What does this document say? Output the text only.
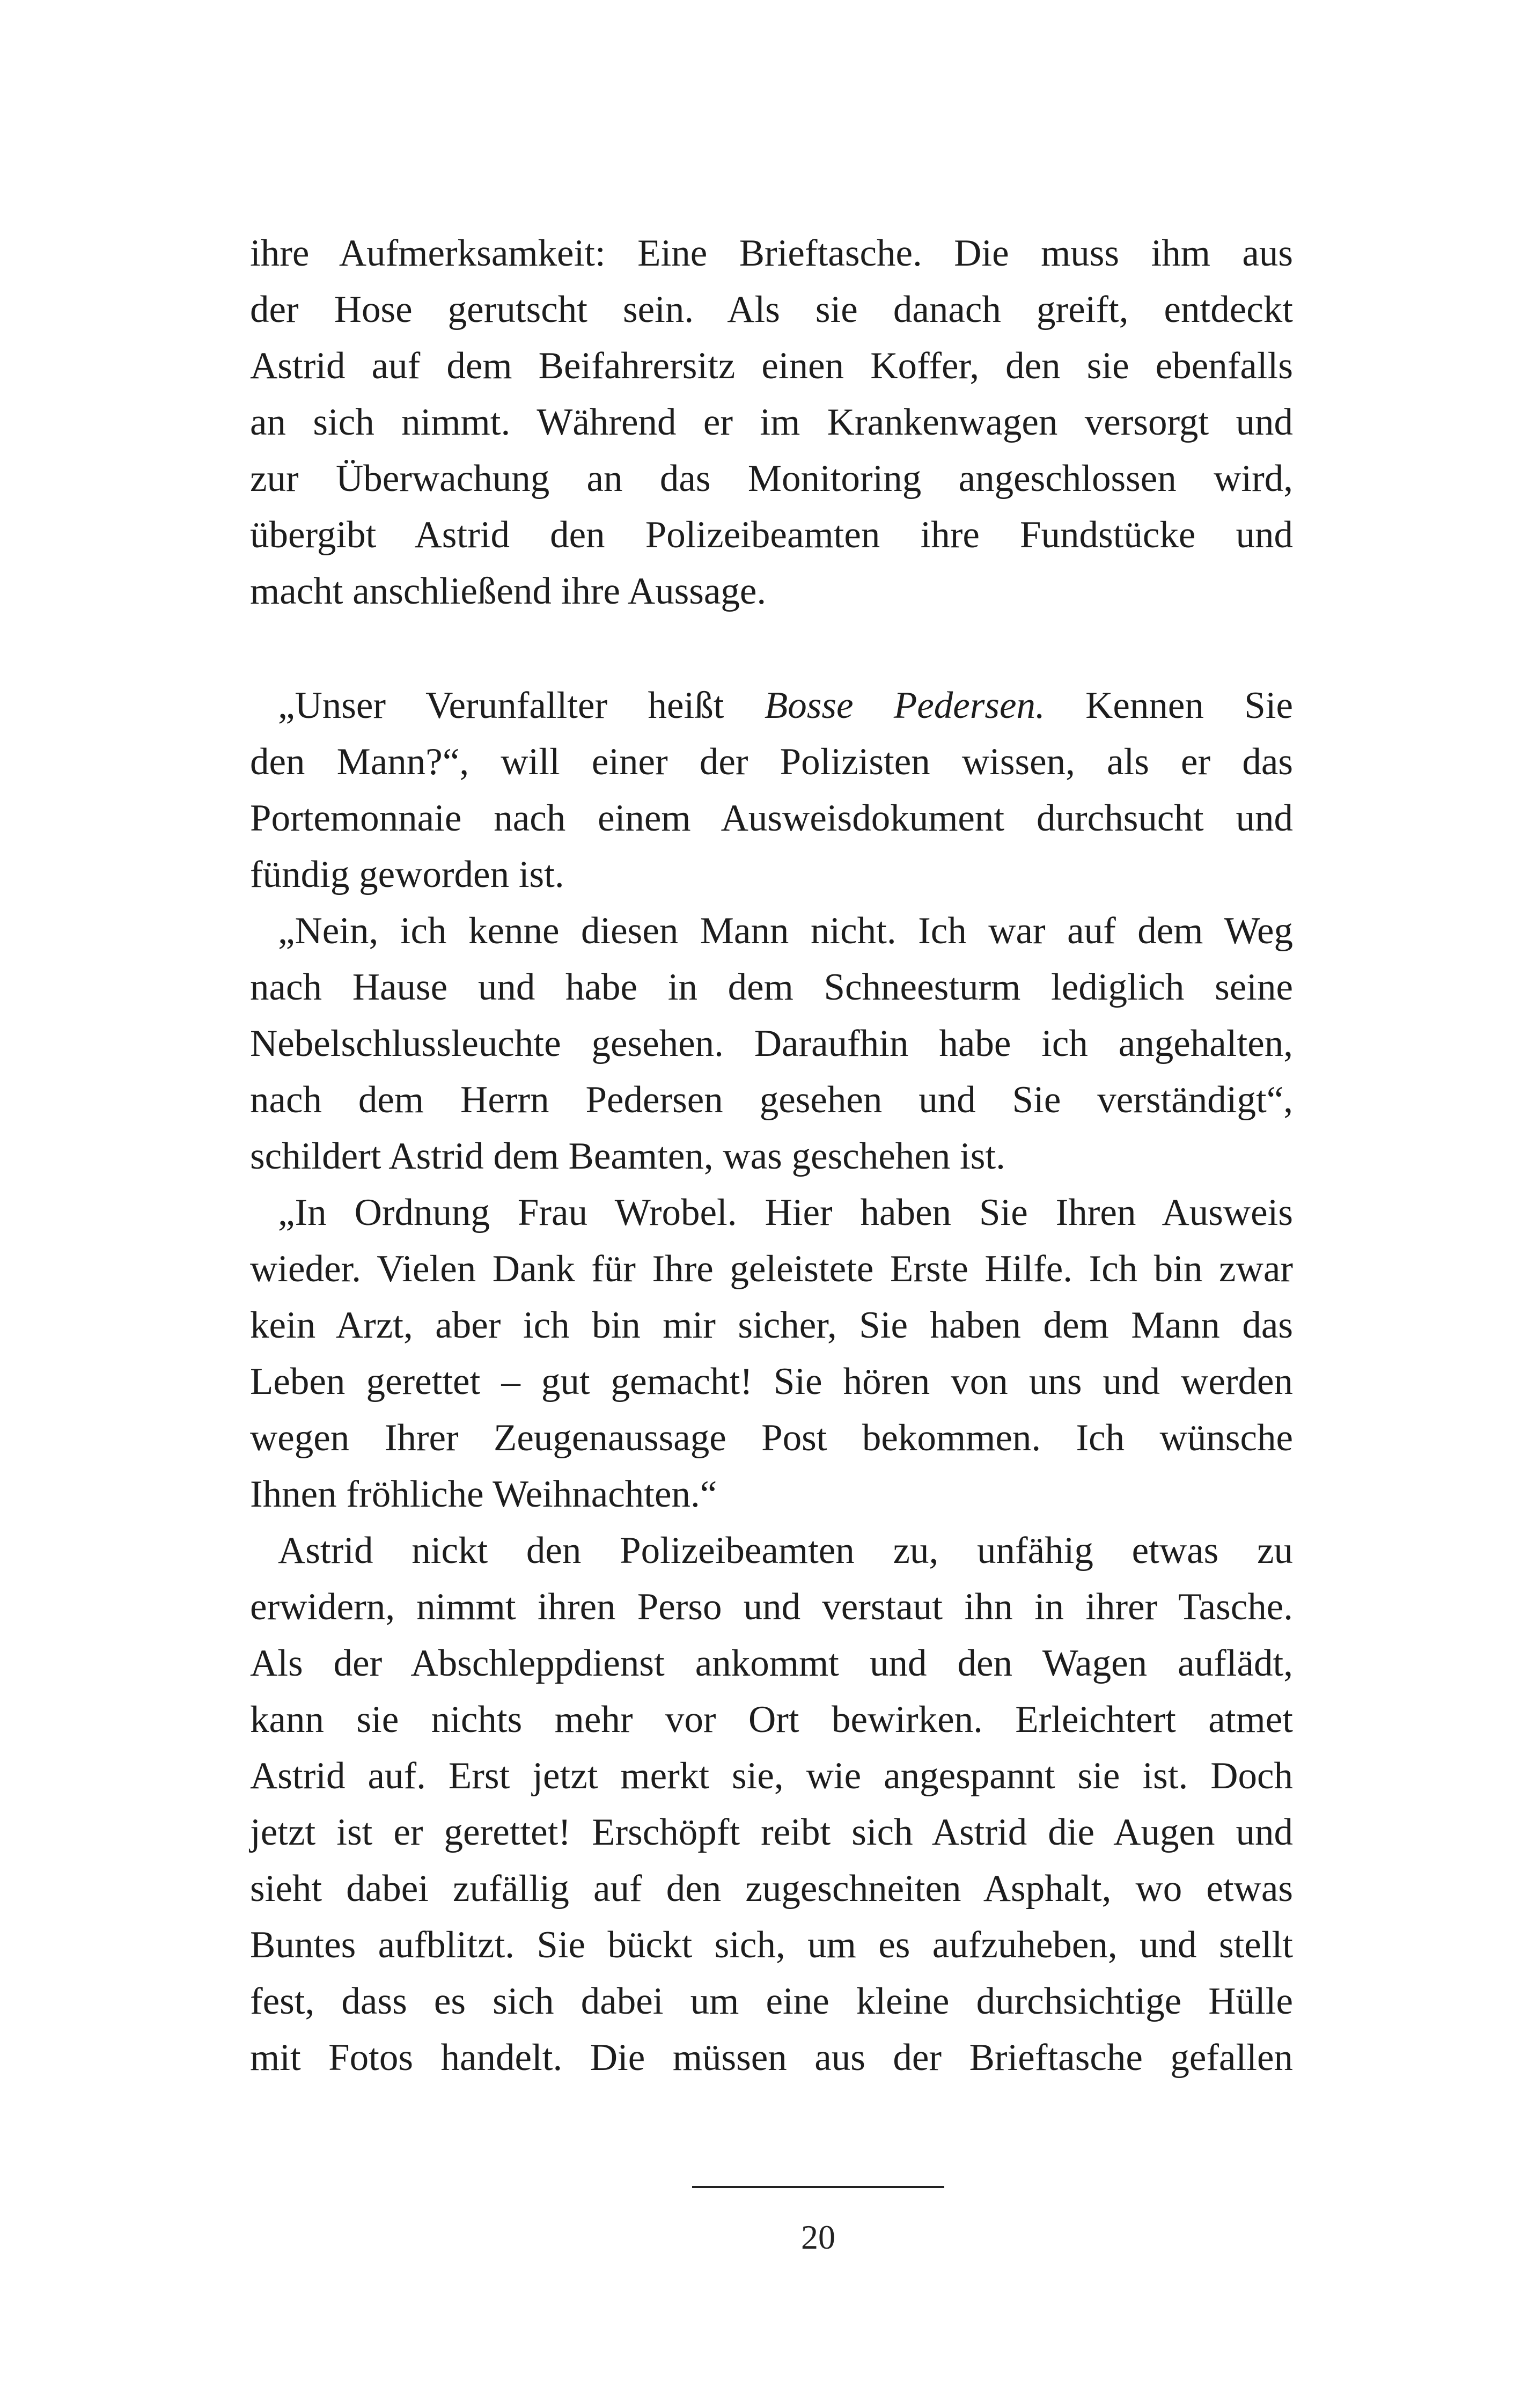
ihre Aufmerksamkeit: Eine Brieftasche. Die muss ihm aus
der Hose gerutscht sein. Als sie danach greift, entdeckt
Astrid auf dem Beifahrersitz einen Koffer, den sie ebenfalls
an sich nimmt. Während er im Krankenwagen versorgt und
zur Überwachung an das Monitoring angeschlossen wird,
übergibt Astrid den Polizeibeamten ihre Fundstücke und
macht anschließend ihre Aussage.
„Unser Verunfallter heißt Bosse Pedersen. Kennen Sie
den Mann?“, will einer der Polizisten wissen, als er das
Portemonnaie nach einem Ausweisdokument durchsucht und
fündig geworden ist.
„Nein, ich kenne diesen Mann nicht. Ich war auf dem Weg
nach Hause und habe in dem Schneesturm lediglich seine
Nebelschlussleuchte gesehen. Daraufhin habe ich angehalten,
nach dem Herrn Pedersen gesehen und Sie verständigt“,
schildert Astrid dem Beamten, was geschehen ist.
„In Ordnung Frau Wrobel. Hier haben Sie Ihren Ausweis
wieder. Vielen Dank für Ihre geleistete Erste Hilfe. Ich bin zwar
kein Arzt, aber ich bin mir sicher, Sie haben dem Mann das
Leben gerettet – gut gemacht! Sie hören von uns und werden
wegen Ihrer Zeugenaussage Post bekommen. Ich wünsche
Ihnen fröhliche Weihnachten.“
Astrid nickt den Polizeibeamten zu, unfähig etwas zu
erwidern, nimmt ihren Perso und verstaut ihn in ihrer Tasche.
Als der Abschleppdienst ankommt und den Wagen auflädt,
kann sie nichts mehr vor Ort bewirken. Erleichtert atmet
Astrid auf. Erst jetzt merkt sie, wie angespannt sie ist. Doch
jetzt ist er gerettet! Erschöpft reibt sich Astrid die Augen und
sieht dabei zufällig auf den zugeschneiten Asphalt, wo etwas
Buntes aufblitzt. Sie bückt sich, um es aufzuheben, und stellt
fest, dass es sich dabei um eine kleine durchsichtige Hülle
mit Fotos handelt. Die müssen aus der Brieftasche gefallen
20
